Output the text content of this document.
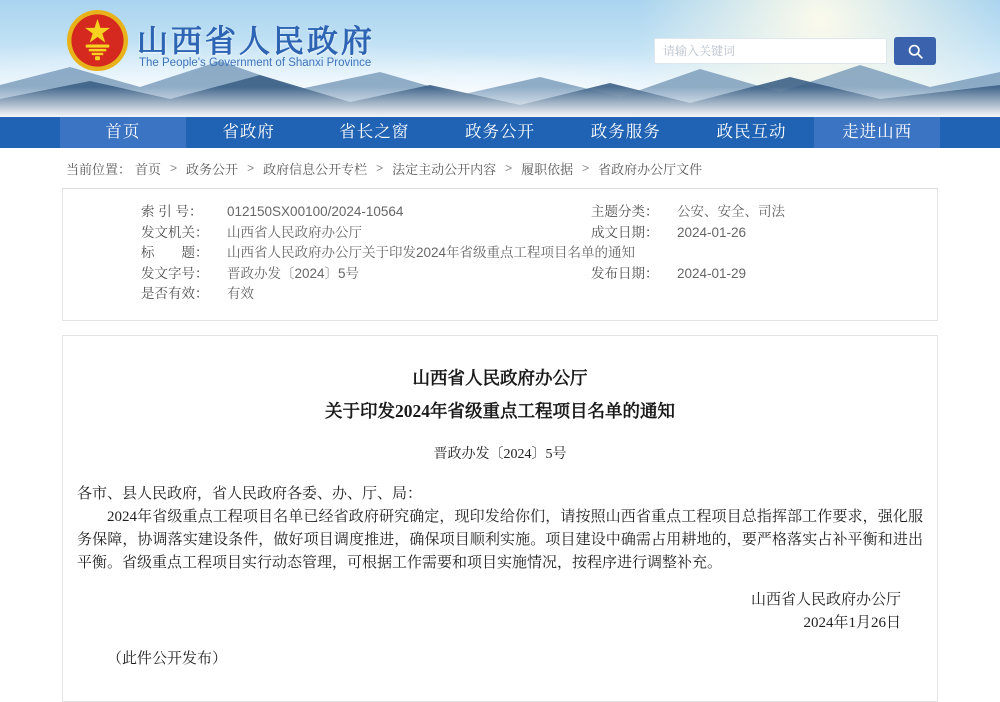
山西省人民政府
The People's Government of Shanxi Province
请输入关键词
首页	省政府	省长之窗	政务公开	政务服务	政民互动	走进山西
当前位置： 首页 > 政务公开 > 政府信息公开专栏 > 法定主动公开内容 > 履职依据 > 省政府办公厅文件
索 引 号：	012150SX00100/2024-10564	主题分类：	公安、安全、司法
发文机关：	山西省人民政府办公厅	成文日期：	2024-01-26
标　　题：	山西省人民政府办公厅关于印发2024年省级重点工程项目名单的通知
发文字号：	晋政办发〔2024〕5号	发布日期：	2024-01-29
是否有效：	有效
山西省人民政府办公厅
关于印发2024年省级重点工程项目名单的通知
晋政办发〔2024〕5号
各市、县人民政府，省人民政府各委、办、厅、局：
2024年省级重点工程项目名单已经省政府研究确定，现印发给你们，请按照山西省重点工程项目总指挥部工作要求，强化服务保障，协调落实建设条件，做好项目调度推进，确保项目顺利实施。项目建设中确需占用耕地的，要严格落实占补平衡和进出平衡。省级重点工程项目实行动态管理，可根据工作需要和项目实施情况，按程序进行调整补充。
山西省人民政府办公厅
2024年1月26日
（此件公开发布）
